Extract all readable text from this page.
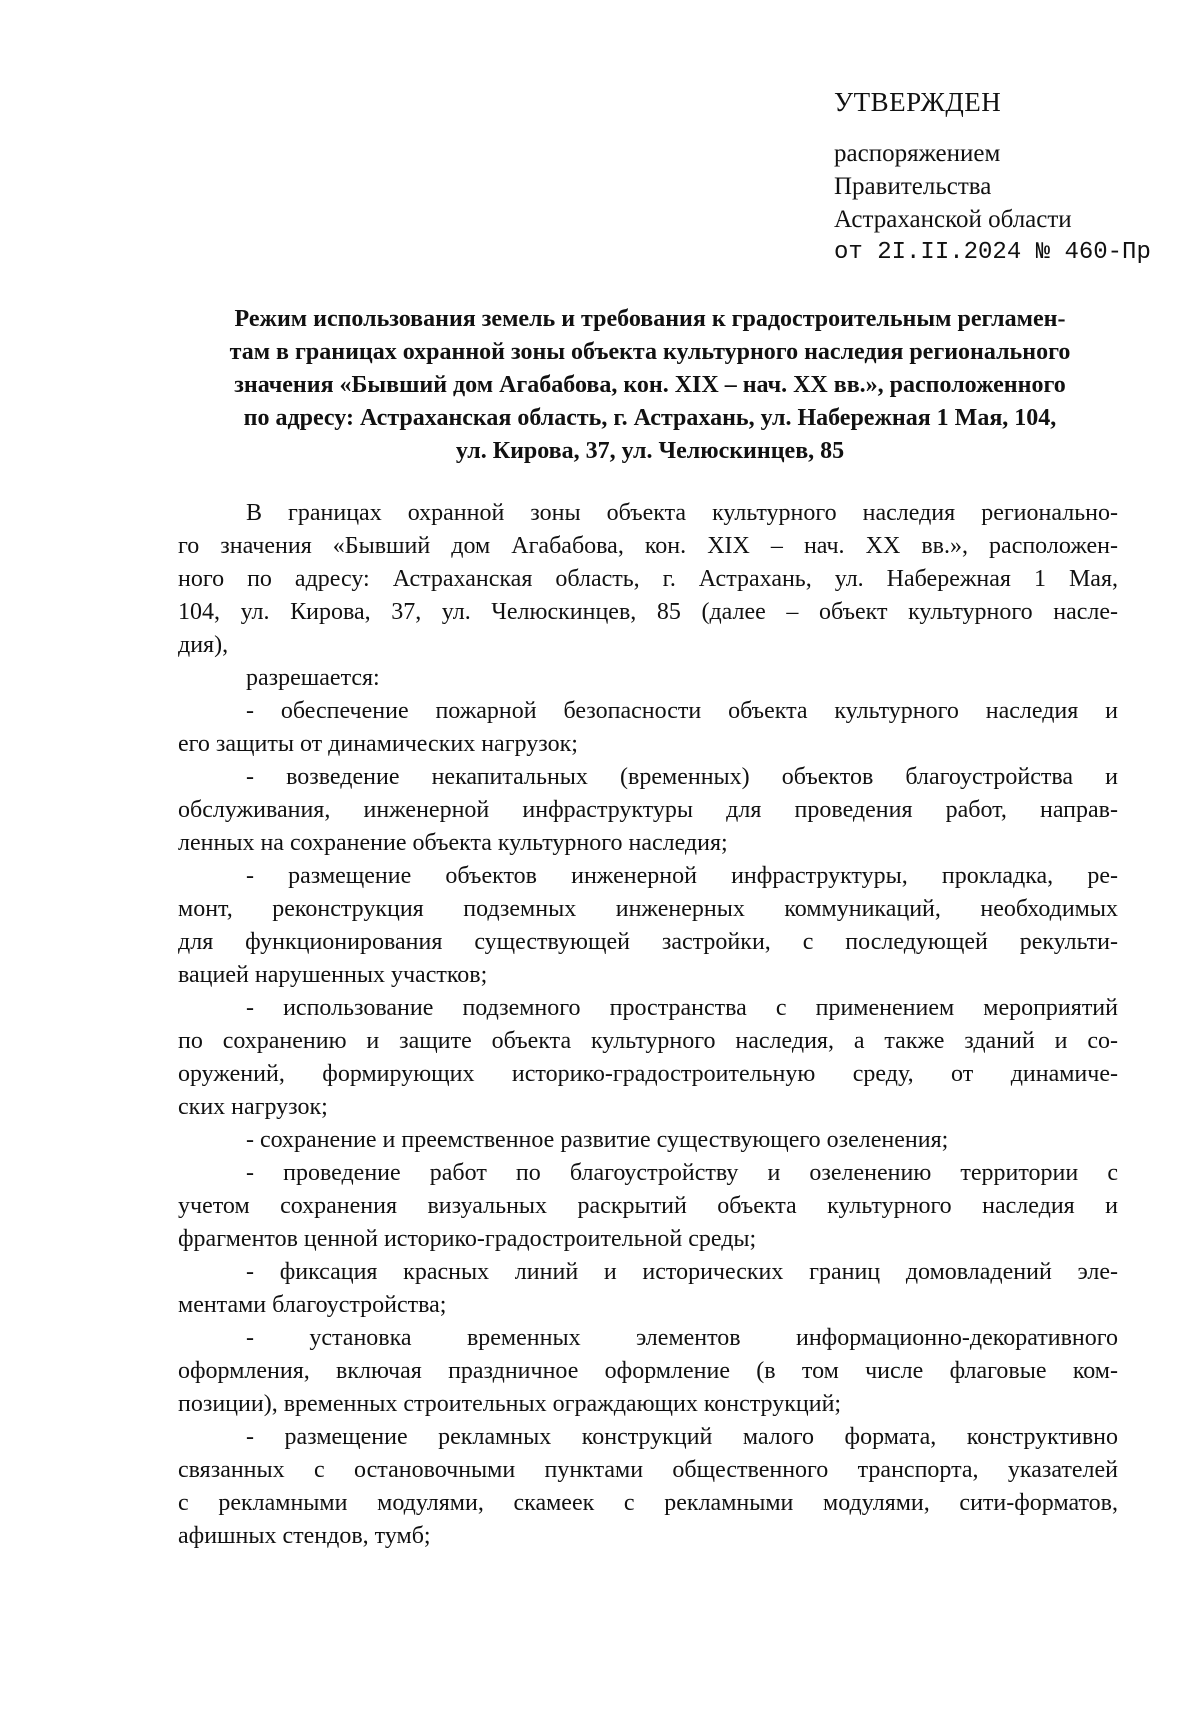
УТВЕРЖДЕН
распоряжением
Правительства
Астраханской области
от 2I.II.2024 № 460-Пр
Режим использования земель и требования к градостроительным регламен-
там в границах охранной зоны объекта культурного наследия регионального
значения «Бывший дом Агабабова, кон. XIX – нач. XX вв.», расположенного
по адресу: Астраханская область, г. Астрахань, ул. Набережная 1 Мая, 104,
ул. Кирова, 37, ул. Челюскинцев, 85
В границах охранной зоны объекта культурного наследия регионально-
го значения «Бывший дом Агабабова, кон. XIX – нач. XX вв.», расположен-
ного по адресу: Астраханская область, г. Астрахань, ул. Набережная 1 Мая,
104, ул. Кирова, 37, ул. Челюскинцев, 85 (далее – объект культурного насле-
дия),
разрешается:
- обеспечение пожарной безопасности объекта культурного наследия и
его защиты от динамических нагрузок;
- возведение некапитальных (временных) объектов благоустройства и
обслуживания, инженерной инфраструктуры для проведения работ, направ-
ленных на сохранение объекта культурного наследия;
- размещение объектов инженерной инфраструктуры, прокладка, ре-
монт, реконструкция подземных инженерных коммуникаций, необходимых
для функционирования существующей застройки, с последующей рекульти-
вацией нарушенных участков;
- использование подземного пространства с применением мероприятий
по сохранению и защите объекта культурного наследия, а также зданий и со-
оружений, формирующих историко-градостроительную среду, от динамиче-
ских нагрузок;
- сохранение и преемственное развитие существующего озеленения;
- проведение работ по благоустройству и озеленению территории с
учетом сохранения визуальных раскрытий объекта культурного наследия и
фрагментов ценной историко-градостроительной среды;
- фиксация красных линий и исторических границ домовладений эле-
ментами благоустройства;
- установка временных элементов информационно-декоративного
оформления, включая праздничное оформление (в том числе флаговые ком-
позиции), временных строительных ограждающих конструкций;
- размещение рекламных конструкций малого формата, конструктивно
связанных с остановочными пунктами общественного транспорта, указателей
с рекламными модулями, скамеек с рекламными модулями, сити-форматов,
афишных стендов, тумб;
